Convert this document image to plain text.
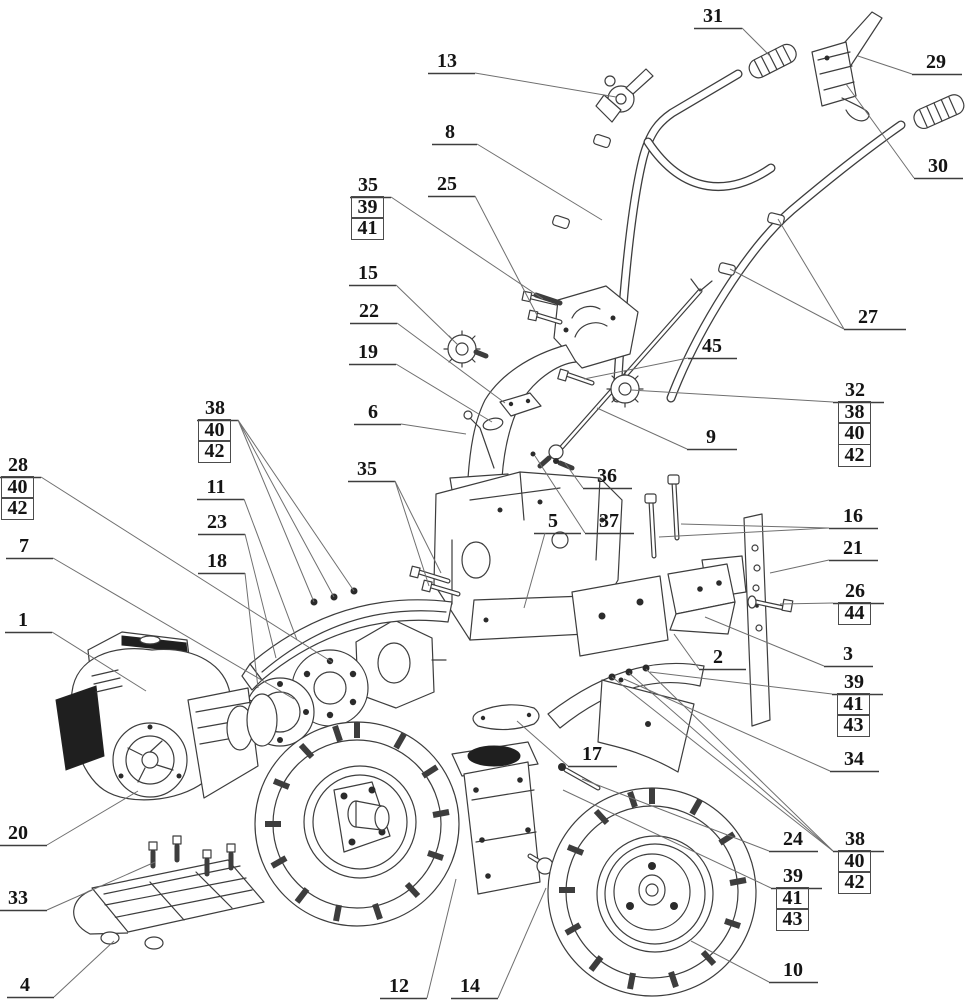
31
29
30
13
8
25
35
39
41
15
22
19
6
27
45
32
38
40
42
9
36
37
35
5
38
40
42
28
40
42
11
23
18
7
1
16
21
26
44
2	3
39
41
43
34
17
24	38
40
42
39
41
43
10
20
33
4	12	14
